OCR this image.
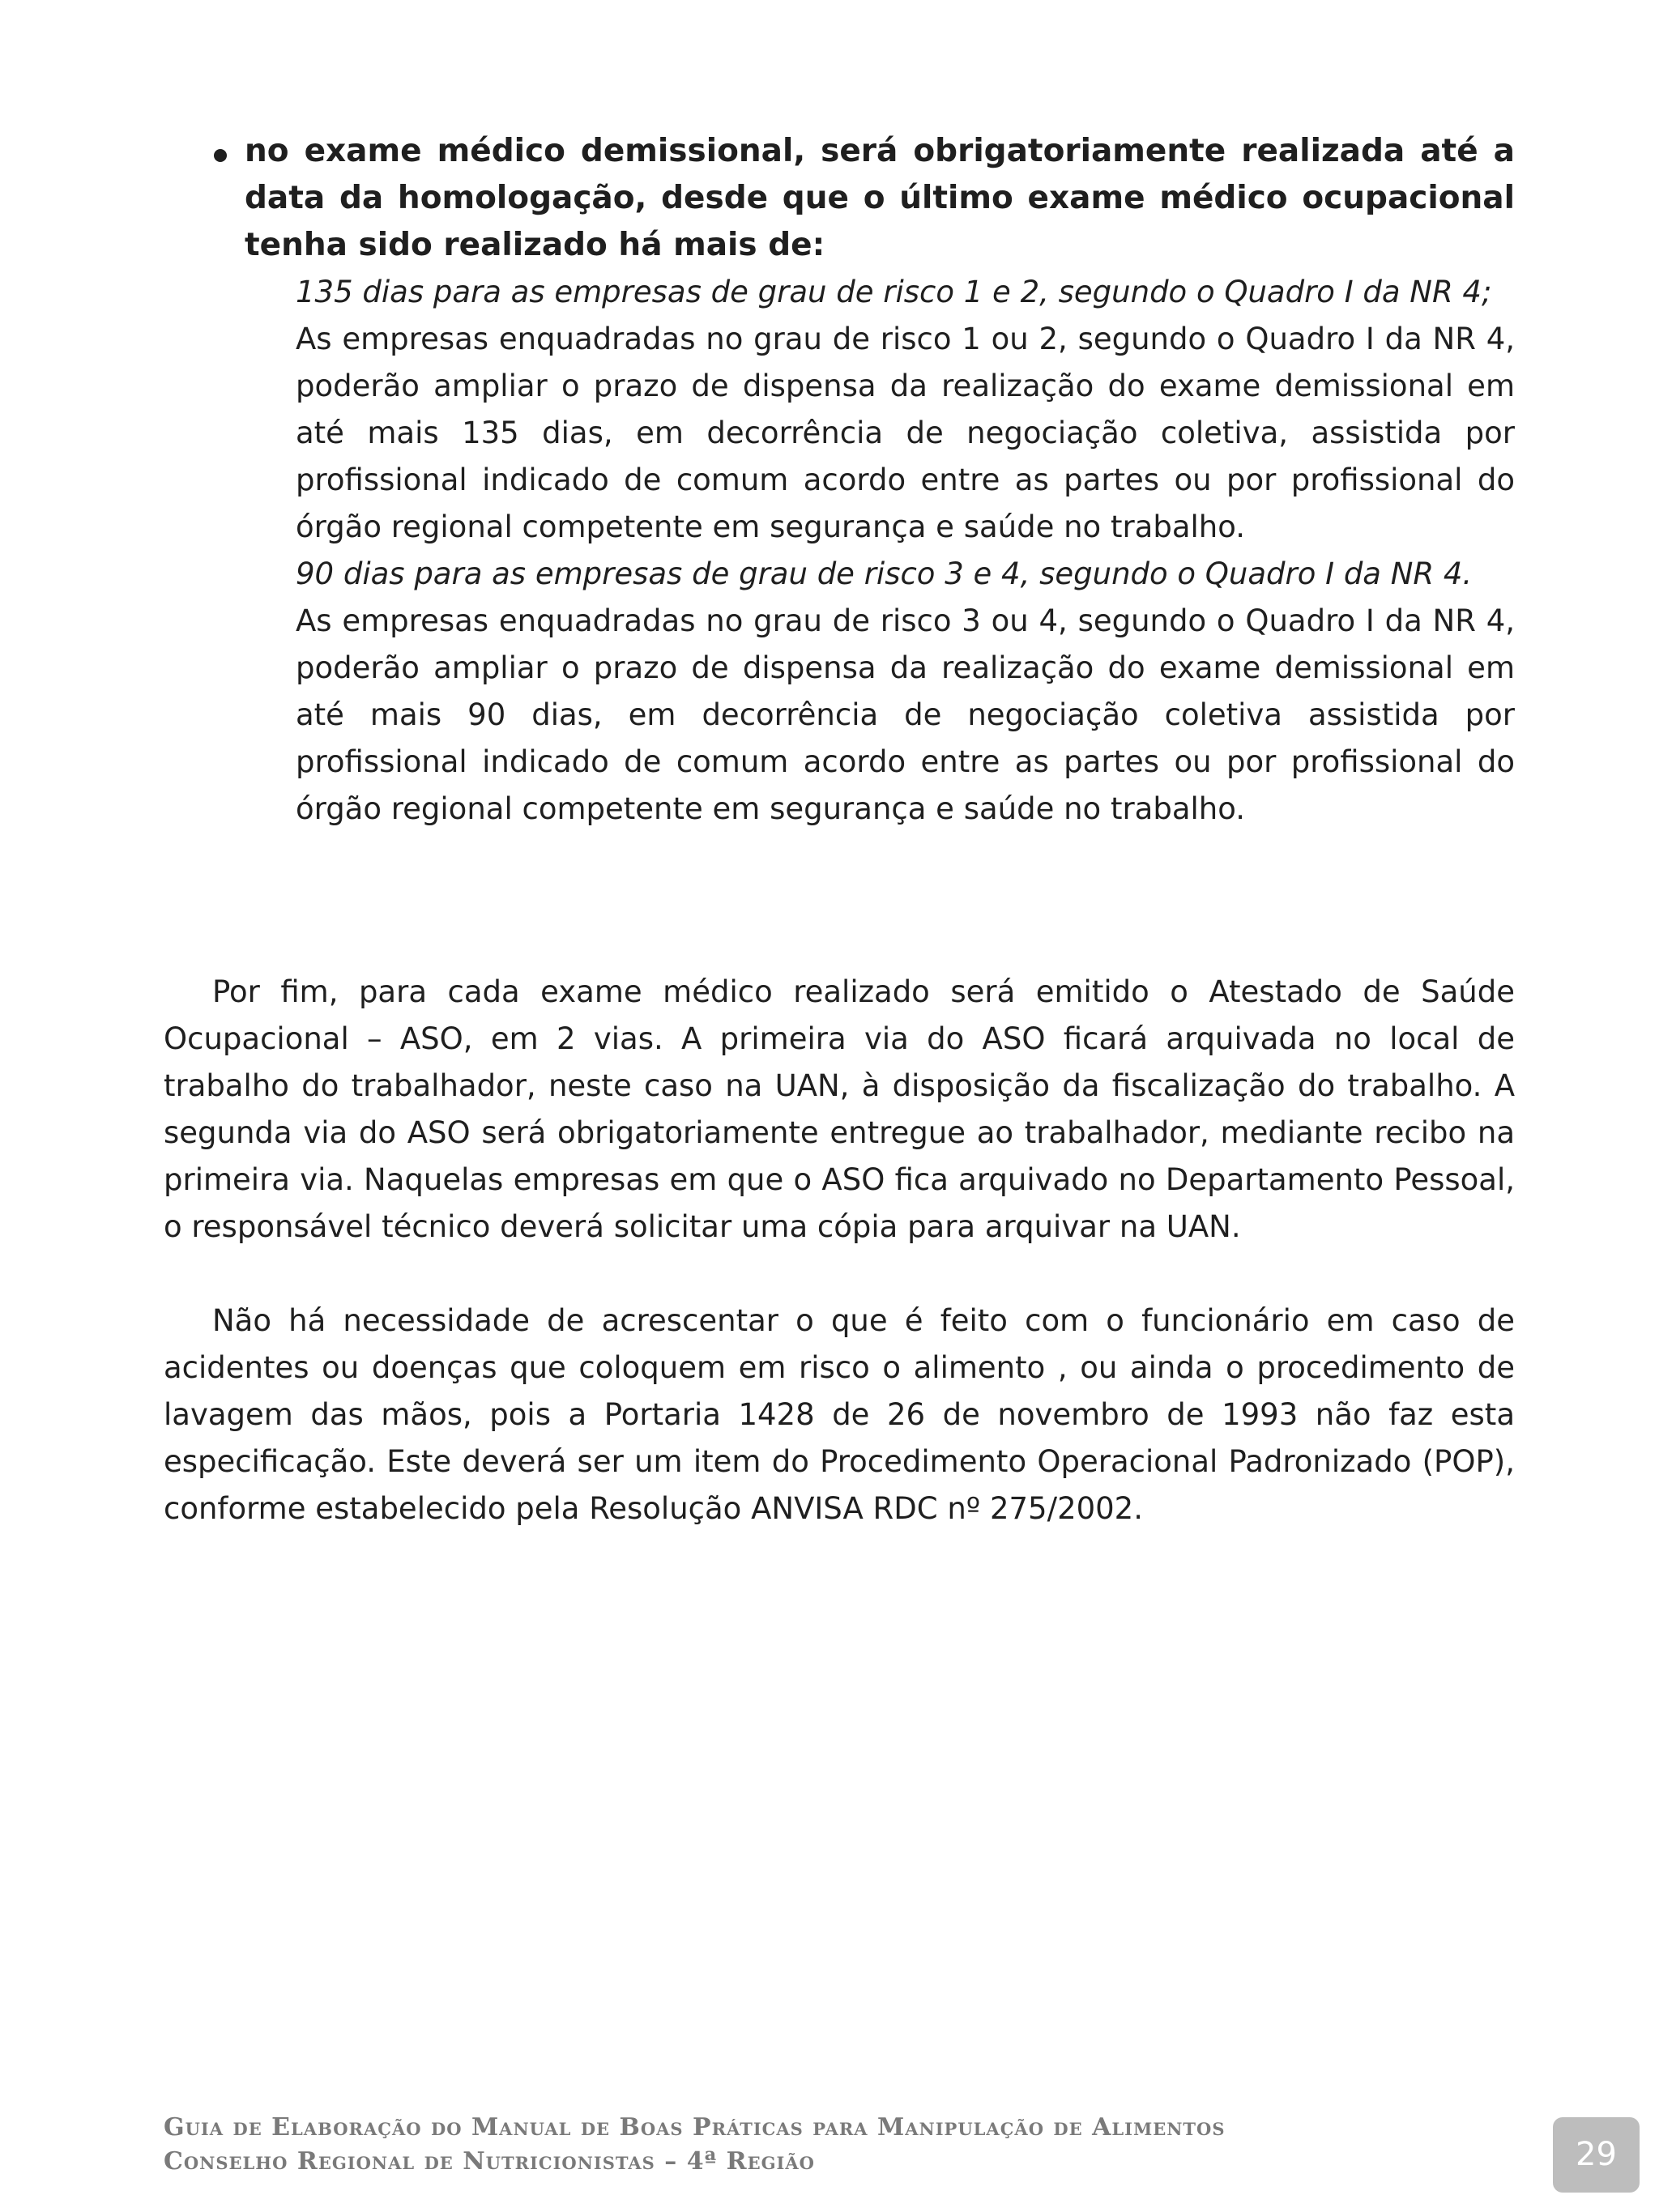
no exame médico demissional, será obrigatoriamente realizada até a data da homologação, desde que o último exame médico ocupacional tenha sido realizado há mais de:

135 dias para as empresas de grau de risco 1 e 2, segundo o Quadro I da NR 4;

As empresas enquadradas no grau de risco 1 ou 2, segundo o Quadro I da NR 4, poderão ampliar o prazo de dispensa da realização do exame demissional em até mais 135 dias, em decorrência de negociação coletiva, assistida por profissional indicado de comum acordo entre as partes ou por profissional do órgão regional competente em segurança e saúde no trabalho.

90 dias para as empresas de grau de risco 3 e 4, segundo o Quadro I da NR 4.

As empresas enquadradas no grau de risco 3 ou 4, segundo o Quadro I da NR 4, poderão ampliar o prazo de dispensa da realização do exame demissional em até mais 90 dias, em decorrência de negociação coletiva assistida por profissional indicado de comum acordo entre as partes ou por profissional do órgão regional competente em segurança e saúde no trabalho.

Por fim, para cada exame médico realizado será emitido o Atestado de Saúde Ocupacional – ASO, em 2 vias. A primeira via do ASO ficará arquivada no local de trabalho do trabalhador, neste caso na UAN, à disposição da fiscalização do trabalho. A segunda via do ASO será obrigatoriamente entregue ao trabalhador, mediante recibo na primeira via. Naquelas empresas em que o ASO fica arquivado no Departamento Pessoal, o responsável técnico deverá solicitar uma cópia para arquivar na UAN.

Não há necessidade de acrescentar o que é feito com o funcionário em caso de acidentes ou doenças que coloquem em risco o alimento , ou ainda o procedimento de lavagem das mãos, pois a Portaria 1428 de 26 de novembro de 1993 não faz esta especificação. Este deverá ser um item do Procedimento Operacional Padronizado (POP), conforme estabelecido pela Resolução ANVISA RDC nº 275/2002.

Guia de Elaboração do Manual de Boas Práticas para Manipulação de Alimentos

Conselho Regional de Nutricionistas – 4ª Região	29
